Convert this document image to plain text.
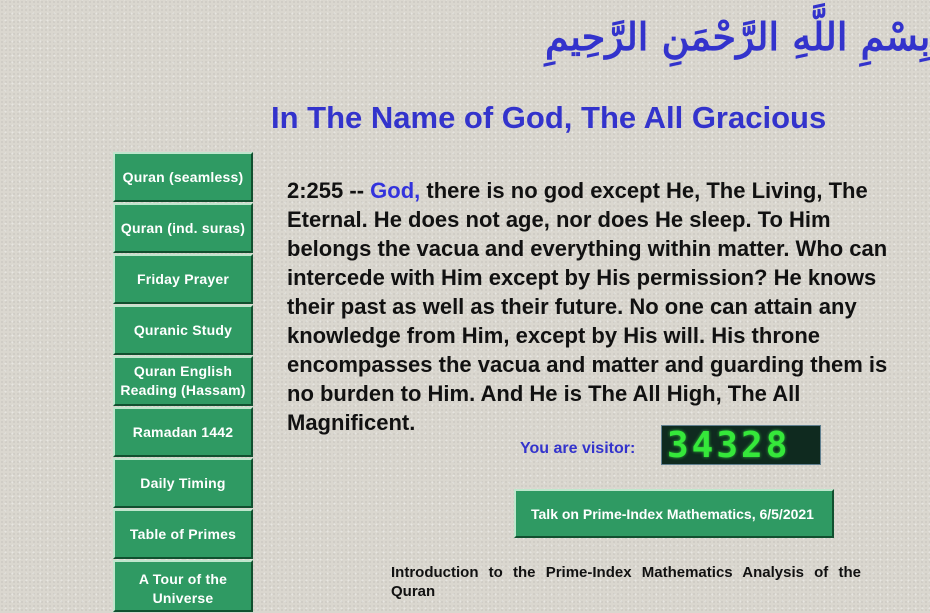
بِسْمِ اللَّهِ الرَّحْمَنِ الرَّحِيمِ
In The Name of God, The All Gracious
Quran (seamless)
Quran (ind. suras)
Friday Prayer
Quranic Study
Quran English Reading (Hassam)
Ramadan 1442
Daily Timing
Table of Primes
A Tour of the Universe
2:255 -- God, there is no god except He, The Living, The Eternal. He does not age, nor does He sleep. To Him belongs the vacua and everything within matter. Who can intercede with Him except by His permission? He knows their past as well as their future. No one can attain any knowledge from Him, except by His will. His throne encompasses the vacua and matter and guarding them is no burden to Him. And He is The All High, The All Magnificent.
You are visitor: 34328
Talk on Prime-Index Mathematics, 6/5/2021
Introduction to the Prime-Index Mathematics Analysis of the Quran
